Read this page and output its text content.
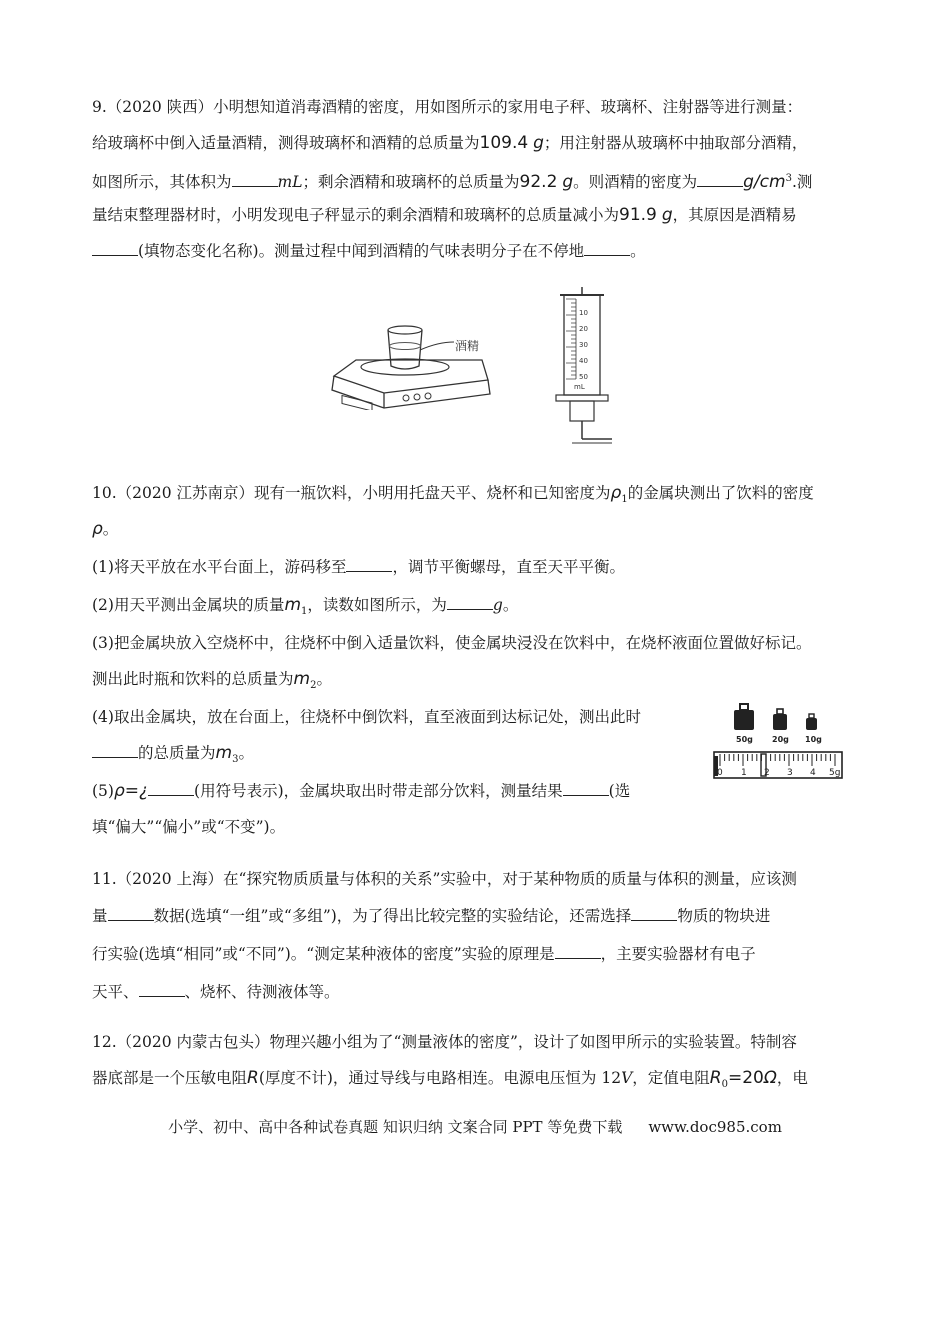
9.（2020 陕西）小明想知道消毒酒精的密度，用如图所示的家用电子秤、玻璃杯、注射器等进行测量：
给玻璃杯中倒入适量酒精，测得玻璃杯和酒精的总质量为109.4 g；用注射器从玻璃杯中抽取部分酒精，
如图所示，其体积为	mL；剩余酒精和玻璃杯的总质量为92.2 g。则酒精的密度为	$g/cm^3$.测
量结束整理器材时，小明发现电子秤显示的剩余酒精和玻璃杯的总质量减小为91.9 g，其原因是酒精易
(填物态变化名称)。测量过程中闻到酒精的气味表明分子在不停地	。
酒精
10
20
30
40
50
mL
10.（2020 江苏南京）现有一瓶饮料，小明用托盘天平、烧杯和已知密度为$\rho_1$的金属块测出了饮料的密度
ρ。
(1)将天平放在水平台面上，游码移至	，调节平衡螺母，直至天平平衡。
(2)用天平测出金属块的质量$m_1$，读数如图所示，为	g。
(3)把金属块放入空烧杯中，往烧杯中倒入适量饮料，使金属块浸没在饮料中，在烧杯液面位置做好标记。
测出此时瓶和饮料的总质量为$m_2$。
(4)取出金属块，放在台面上，往烧杯中倒饮料，直至液面到达标记处，测出此时
的总质量为$m_3$。
(5)ρ=¿	(用符号表示)，金属块取出时带走部分饮料，测量结果	(选
填“偏大”“偏小”或“不变”)。
50g 20g 10g
0 1 2 3 4 5g
11.（2020 上海）在“探究物质质量与体积的关系”实验中，对于某种物质的质量与体积的测量，应该测
量	数据(选填“一组”或“多组”)，为了得出比较完整的实验结论，还需选择	物质的物块进
行实验(选填“相同”或“不同”)。“测定某种液体的密度”实验的原理是	，主要实验器材有电子
天平、	、烧杯、待测液体等。
12.（2020 内蒙古包头）物理兴趣小组为了“测量液体的密度”，设计了如图甲所示的实验装置。特制容
器底部是一个压敏电阻R(厚度不计)，通过导线与电路相连。电源电压恒为 12V，定值电阻$R_0=20\Omega$，电
小学、初中、高中各种试卷真题 知识归纳 文案合同 PPT 等免费下载 www.doc985.com
